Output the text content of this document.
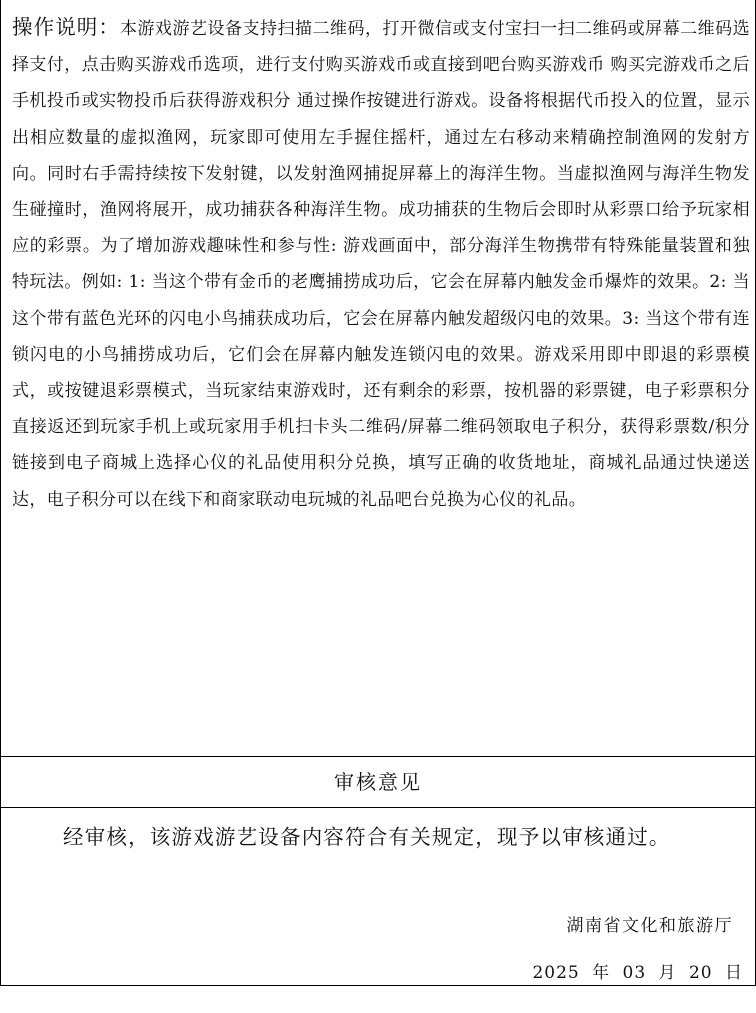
操作说明：本游戏游艺设备支持扫描二维码，打开微信或支付宝扫一扫二维码或屏幕二维码选择支付，点击购买游戏币选项，进行支付购买游戏币或直接到吧台购买游戏币 购买完游戏币之后手机投币或实物投币后获得游戏积分 通过操作按键进行游戏。设备将根据代币投入的位置，显示出相应数量的虚拟渔网，玩家即可使用左手握住摇杆，通过左右移动来精确控制渔网的发射方向。同时右手需持续按下发射键，以发射渔网捕捉屏幕上的海洋生物。当虚拟渔网与海洋生物发生碰撞时，渔网将展开，成功捕获各种海洋生物。成功捕获的生物后会即时从彩票口给予玩家相应的彩票。为了增加游戏趣味性和参与性: 游戏画面中，部分海洋生物携带有特殊能量装置和独特玩法。例如: 1: 当这个带有金币的老鹰捕捞成功后，它会在屏幕内触发金币爆炸的效果。2: 当这个带有蓝色光环的闪电小鸟捕获成功后，它会在屏幕内触发超级闪电的效果。3: 当这个带有连锁闪电的小鸟捕捞成功后，它们会在屏幕内触发连锁闪电的效果。游戏采用即中即退的彩票模式，或按键退彩票模式，当玩家结束游戏时，还有剩余的彩票，按机器的彩票键，电子彩票积分直接返还到玩家手机上或玩家用手机扫卡头二维码/屏幕二维码领取电子积分，获得彩票数/积分链接到电子商城上选择心仪的礼品使用积分兑换，填写正确的收货地址，商城礼品通过快递送达，电子积分可以在线下和商家联动电玩城的礼品吧台兑换为心仪的礼品。
审核意见
经审核，该游戏游艺设备内容符合有关规定，现予以审核通过。
湖南省文化和旅游厅
2025 年 03 月 20 日
